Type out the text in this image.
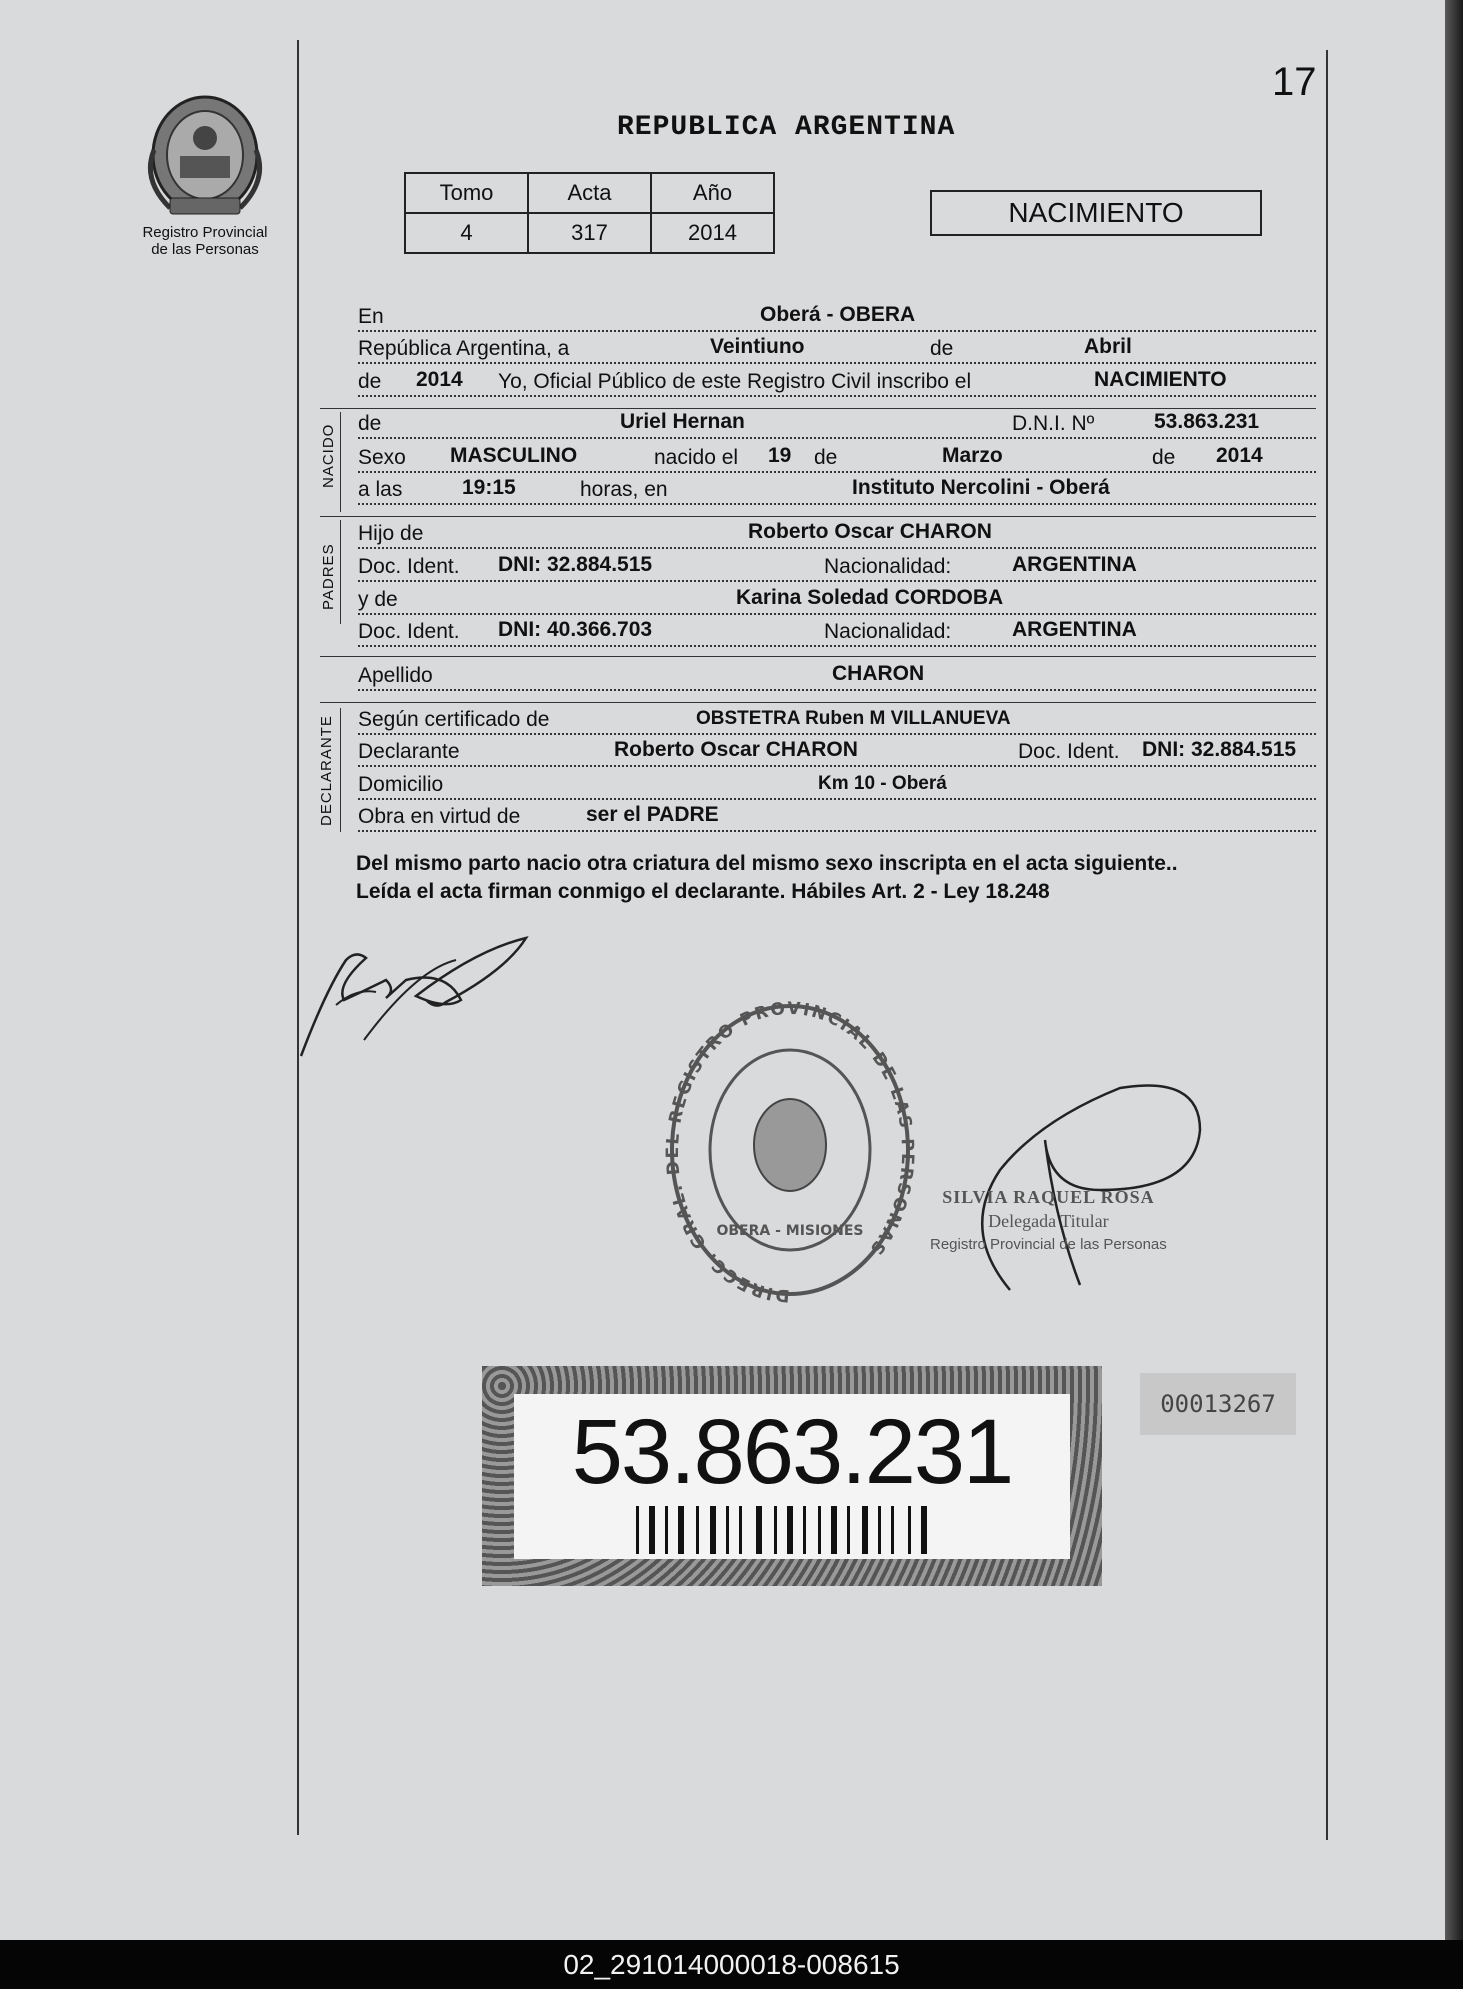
17
Registro Provincial
de las Personas
REPUBLICA ARGENTINA
Tomo	Acta	Año
4	317	2014
NACIMIENTO
En	Oberá - OBERA
República Argentina, a	Veintiuno	de	Abril
de 2014 Yo, Oficial Público de este Registro Civil inscribo el	NACIMIENTO
NACIDO
de	Uriel Hernan	D.N.I. Nº	53.863.231
Sexo MASCULINO	nacido el 19 de	Marzo	de 2014
a las	19:15	horas, en	Instituto Nercolini - Oberá
PADRES
Hijo de	Roberto Oscar CHARON
Doc. Ident. DNI: 32.884.515	Nacionalidad:	ARGENTINA
y de	Karina Soledad CORDOBA
Doc. Ident. DNI: 40.366.703	Nacionalidad:	ARGENTINA
Apellido	CHARON
DECLARANTE Según certificado de	OBSTETRA Ruben M VILLANUEVA
Declarante	Roberto Oscar CHARON	Doc. Ident. DNI: 32.884.515
Domicilio	Km 10 - Oberá
Obra en virtud de	ser el PADRE
Del mismo parto nacio otra criatura del mismo sexo inscripta en el acta siguiente..
Leída el acta firman conmigo el declarante. Hábiles Art. 2 - Ley 18.248
DIRECC. GRAL. DEL REGISTRO PROVINCIAL DE LAS PERSONAS
OBERA - MISIONES
SILVIA RAQUEL ROSA
Delegada Titular
Registro Provincial de las Personas
53.863.231	00013267
02_291014000018-008615
